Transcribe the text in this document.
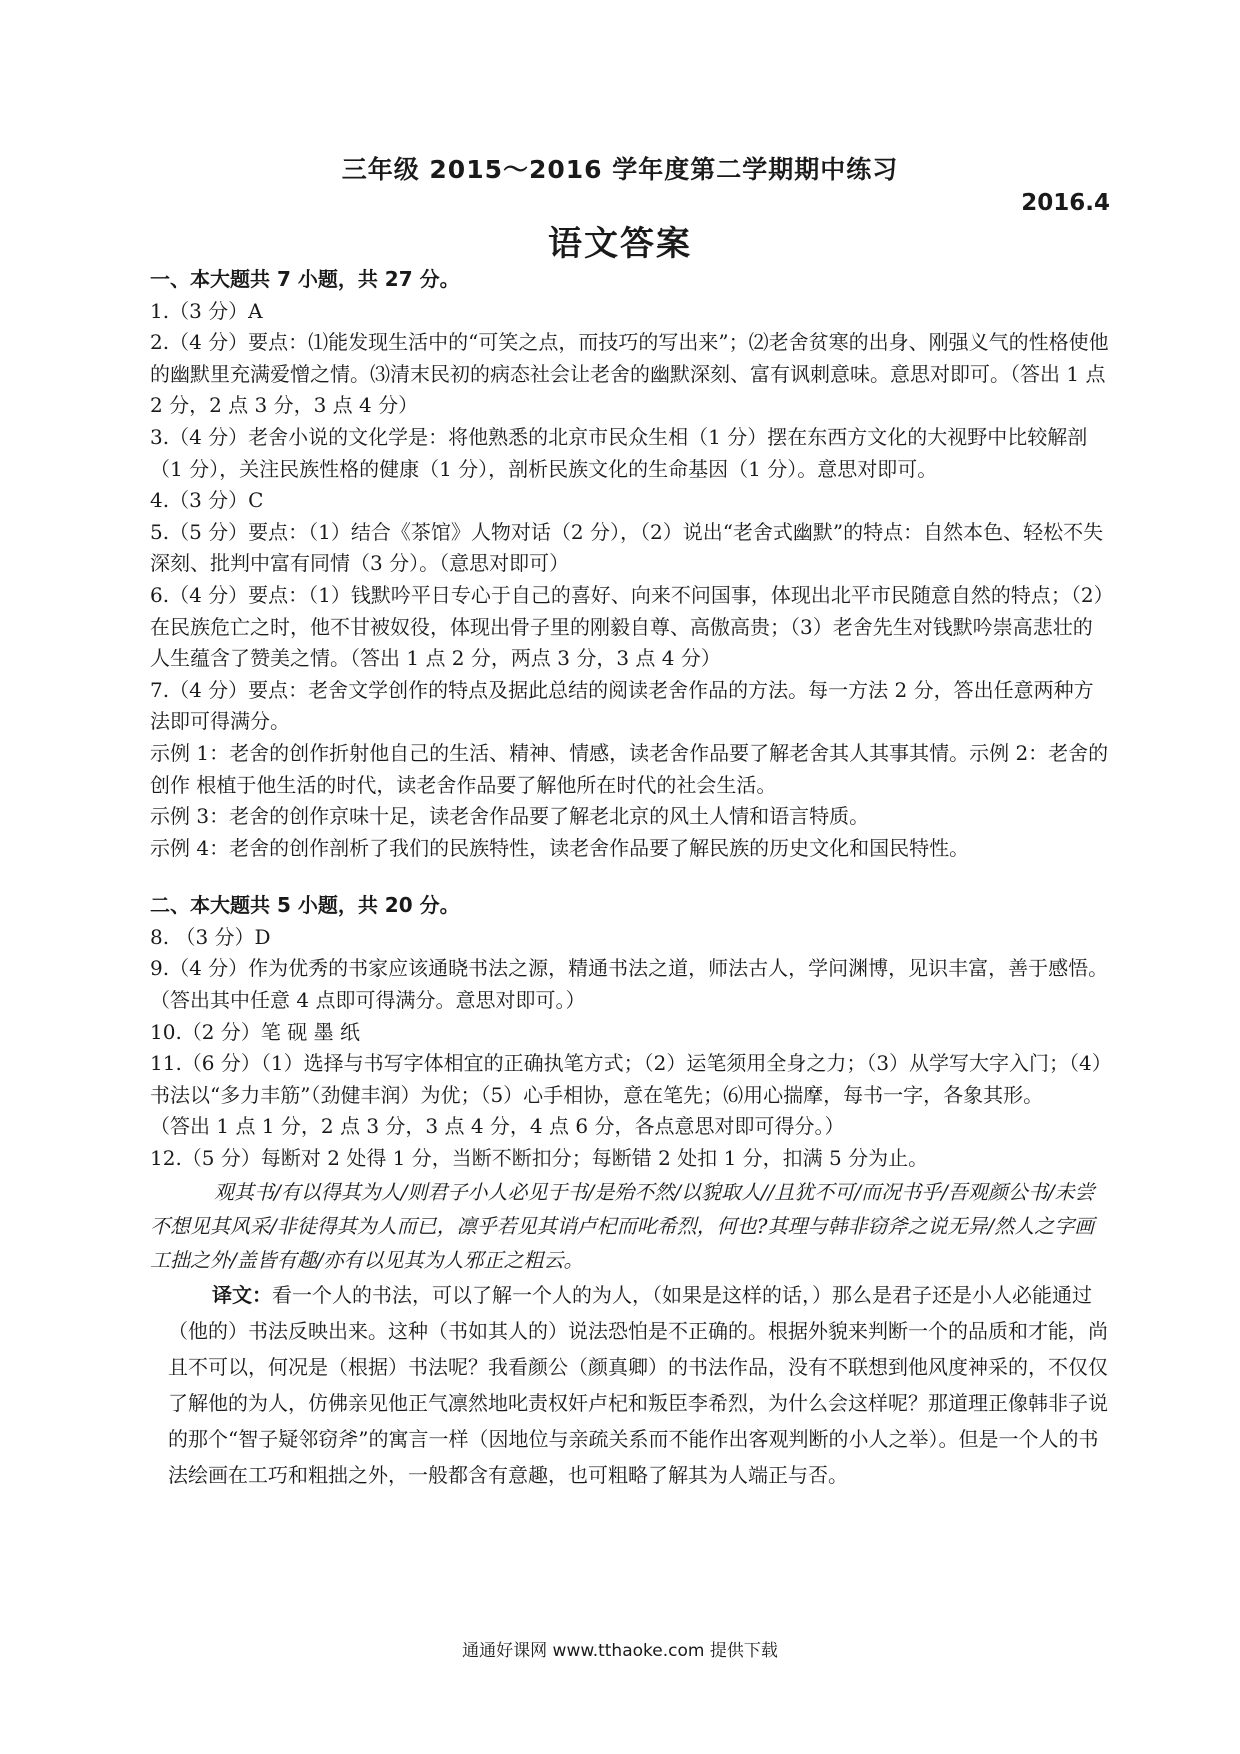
三年级 2015～2016 学年度第二学期期中练习
2016.4
语文答案

一、本大题共 7 小题，共 27 分。

1.（3 分）A

2.（4 分）要点：⑴能发现生活中的“可笑之点，而技巧的写出来”；⑵老舍贫寒的出身、刚强义气的性格使他的幽默里充满爱憎之情。⑶清末民初的病态社会让老舍的幽默深刻、富有讽刺意味。意思对即可。（答出 1 点 2 分，2 点 3 分，3 点 4 分）

3.（4 分）老舍小说的文化学是：将他熟悉的北京市民众生相（1 分）摆在东西方文化的大视野中比较解剖（1 分），关注民族性格的健康（1 分），剖析民族文化的生命基因（1 分）。意思对即可。

4.（3 分）C

5.（5 分）要点：（1）结合《茶馆》人物对话（2 分），（2）说出“老舍式幽默”的特点：自然本色、轻松不失深刻、批判中富有同情（3 分）。（意思对即可）

6.（4 分）要点：（1）钱默吟平日专心于自己的喜好、向来不问国事，体现出北平市民随意自然的特点；（2）在民族危亡之时，他不甘被奴役，体现出骨子里的刚毅自尊、高傲高贵；（3）老舍先生对钱默吟崇高悲壮的人生蕴含了赞美之情。（答出 1 点 2 分，两点 3 分，3 点 4 分）

7.（4 分）要点：老舍文学创作的特点及据此总结的阅读老舍作品的方法。每一方法 2 分，答出任意两种方法即可得满分。

示例 1：老舍的创作折射他自己的生活、精神、情感，读老舍作品要了解老舍其人其事其情。示例 2：老舍的创作 根植于他生活的时代，读老舍作品要了解他所在时代的社会生活。

示例 3：老舍的创作京味十足，读老舍作品要了解老北京的风土人情和语言特质。

示例 4：老舍的创作剖析了我们的民族特性，读老舍作品要了解民族的历史文化和国民特性。

二、本大题共 5 小题，共 20 分。

8. （3 分）D

9.（4 分）作为优秀的书家应该通晓书法之源，精通书法之道，师法古人，学问渊博，见识丰富，善于感悟。（答出其中任意 4 点即可得满分。意思对即可。）

10.（2 分）笔 砚 墨 纸

11.（6 分）（1）选择与书写字体相宜的正确执笔方式；（2）运笔须用全身之力；（3）从学写大字入门；（4）书法以“多力丰筋”（劲健丰润）为优；（5）心手相协，意在笔先；⑹用心揣摩，每书一字，各象其形。

（答出 1 点 1 分，2 点 3 分，3 点 4 分，4 点 6 分，各点意思对即可得分。）

12.（5 分）每断对 2 处得 1 分，当断不断扣分；每断错 2 处扣 1 分，扣满 5 分为止。

观其书/有以得其为人/则君子小人必见于书/是殆不然/以貌取人//且犹不可/而况书乎/吾观颜公书/未尝不想见其风采/非徒得其为人而已，凛乎若见其诮卢杞而叱希烈，何也?其理与韩非窃斧之说无异/然人之字画工拙之外/盖皆有趣/亦有以见其为人邪正之粗云。

译文：看一个人的书法，可以了解一个人的为人，（如果是这样的话，）那么是君子还是小人必能通过（他的）书法反映出来。这种（书如其人的）说法恐怕是不正确的。根据外貌来判断一个的品质和才能，尚且不可以，何况是（根据）书法呢？我看颜公（颜真卿）的书法作品，没有不联想到他风度神采的，不仅仅了解他的为人，仿佛亲见他正气凛然地叱责权奸卢杞和叛臣李希烈，为什么会这样呢？那道理正像韩非子说的那个“智子疑邻窃斧”的寓言一样（因地位与亲疏关系而不能作出客观判断的小人之举）。但是一个人的书法绘画在工巧和粗拙之外，一般都含有意趣，也可粗略了解其为人端正与否。

通通好课网 www.tthaoke.com 提供下载
